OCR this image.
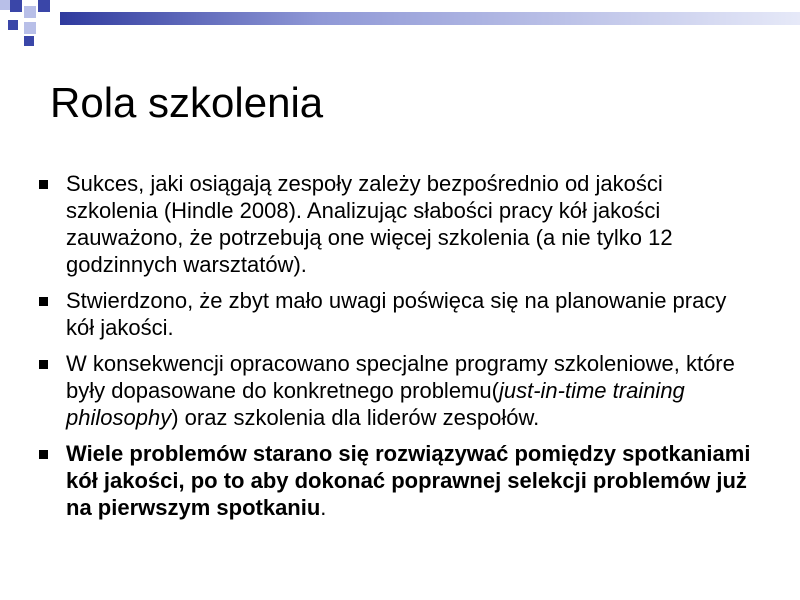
Rola szkolenia
Sukces, jaki osiągają zespoły zależy bezpośrednio od jakości szkolenia (Hindle 2008). Analizując słabości pracy kół jakości zauważono, że potrzebują one więcej szkolenia (a nie tylko 12 godzinnych warsztatów).
Stwierdzono, że zbyt mało uwagi poświęca się na planowanie pracy kół jakości.
W konsekwencji opracowano specjalne programy szkoleniowe, które były dopasowane do konkretnego problemu(just-in-time training philosophy) oraz szkolenia dla liderów zespołów.
Wiele problemów starano się rozwiązywać pomiędzy spotkaniami kół jakości, po to aby dokonać poprawnej selekcji problemów już na pierwszym spotkaniu.
